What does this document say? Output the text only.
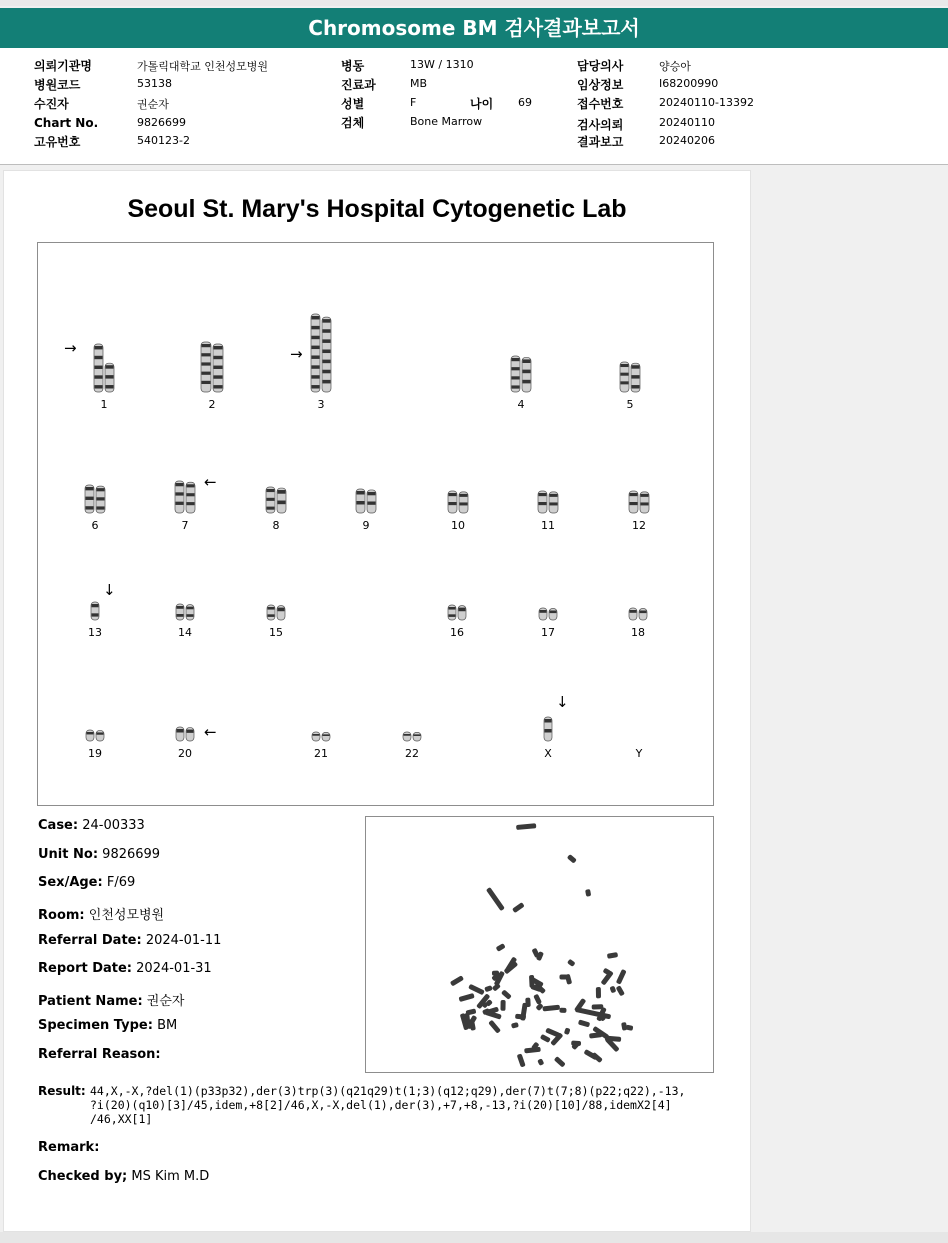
Chromosome BM 검사결과보고서
의뢰기관명	가톨릭대학교 인천성모병원
병원코드	53138
수진자	권순자
Chart No.	9826699
고유번호	540123-2
병동	13W / 1310
진료과	MB
성별	F	나이 69
검체	Bone Marrow
담당의사	양승아
임상정보	I68200990
접수번호	20240110-13392
검사의뢰	20240110
결과보고	20240206
Seoul St. Mary's Hospital Cytogenetic Lab
1	2	3	4	5
6	7	8	9	10	11	12
13	14	15	16	17	18
19	20	21	22	X	Y
→	→
←
↓
←
↓
Case: 24-00333
Unit No: 9826699
Sex/Age: F/69
Room: 인천성모병원
Referral Date: 2024-01-11
Report Date: 2024-01-31
Patient Name: 권순자
Specimen Type: BM
Referral Reason:
Result: 44,X,-X,?del(1)(p33p32),der(3)trp(3)(q21q29)t(1;3)(q12;q29),der(7)t(7;8)(p22;q22),-13,
?i(20)(q10)[3]/45,idem,+8[2]/46,X,-X,del(1),der(3),+7,+8,-13,?i(20)[10]/88,idemX2[4]
/46,XX[1]
Remark:
Checked by; MS Kim M.D
